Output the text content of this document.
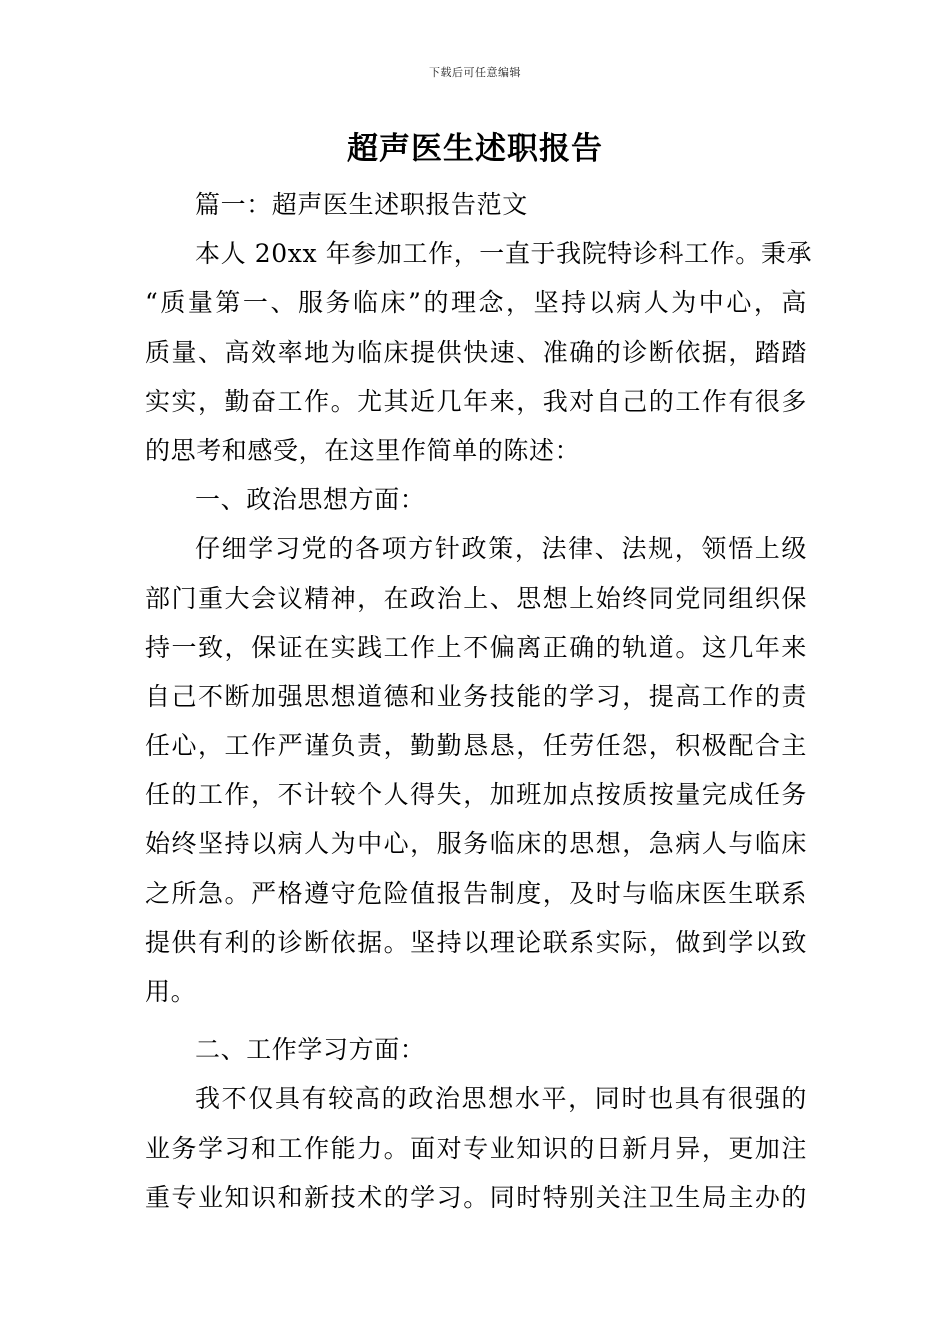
下载后可任意编辑
超声医生述职报告
篇一：超声医生述职报告范文
本人 20xx 年参加工作，一直于我院特诊科工作。秉承
“质量第一、服务临床”的理念，坚持以病人为中心，高
质量、高效率地为临床提供快速、准确的诊断依据，踏踏
实实，勤奋工作。尤其近几年来，我对自己的工作有很多
的思考和感受，在这里作简单的陈述：
一、政治思想方面：
仔细学习党的各项方针政策，法律、法规，领悟上级
部门重大会议精神，在政治上、思想上始终同党同组织保
持一致，保证在实践工作上不偏离正确的轨道。这几年来
自己不断加强思想道德和业务技能的学习，提高工作的责
任心，工作严谨负责，勤勤恳恳，任劳任怨，积极配合主
任的工作，不计较个人得失，加班加点按质按量完成任务
始终坚持以病人为中心，服务临床的思想，急病人与临床
之所急。严格遵守危险值报告制度，及时与临床医生联系
提供有利的诊断依据。坚持以理论联系实际，做到学以致
用。
二、工作学习方面：
我不仅具有较高的政治思想水平，同时也具有很强的
业务学习和工作能力。面对专业知识的日新月异，更加注
重专业知识和新技术的学习。同时特别关注卫生局主办的
